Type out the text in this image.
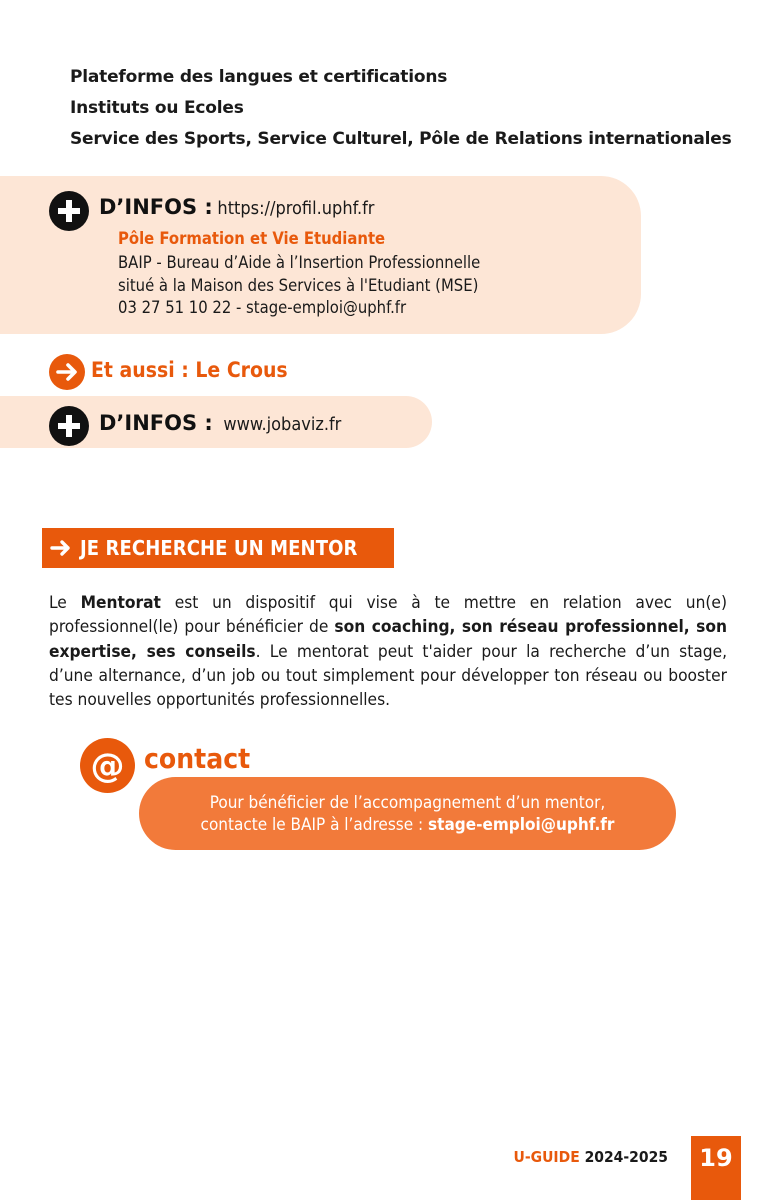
Plateforme des langues et certifications
Instituts ou Ecoles
Service des Sports, Service Culturel, Pôle de Relations internationales
D’INFOS : https://profil.uphf.fr
Pôle Formation et Vie Etudiante
BAIP - Bureau d’Aide à l’Insertion Professionnelle
situé à la Maison des Services à l'Etudiant (MSE)
03 27 51 10 22 - stage-emploi@uphf.fr
Et aussi : Le Crous
D’INFOS : www.jobaviz.fr
JE RECHERCHE UN MENTOR
Le Mentorat est un dispositif qui vise à te mettre en relation avec un(e) professionnel(le) pour bénéficier de son coaching, son réseau professionnel, son expertise, ses conseils. Le mentorat peut t'aider pour la recherche d’un stage, d’une alternance, d’un job ou tout simplement pour développer ton réseau ou booster tes nouvelles opportunités professionnelles.
@ contact
Pour bénéficier de l’accompagnement d’un mentor,
contacte le BAIP à l’adresse : stage-emploi@uphf.fr
U-GUIDE 2024-2025	19
